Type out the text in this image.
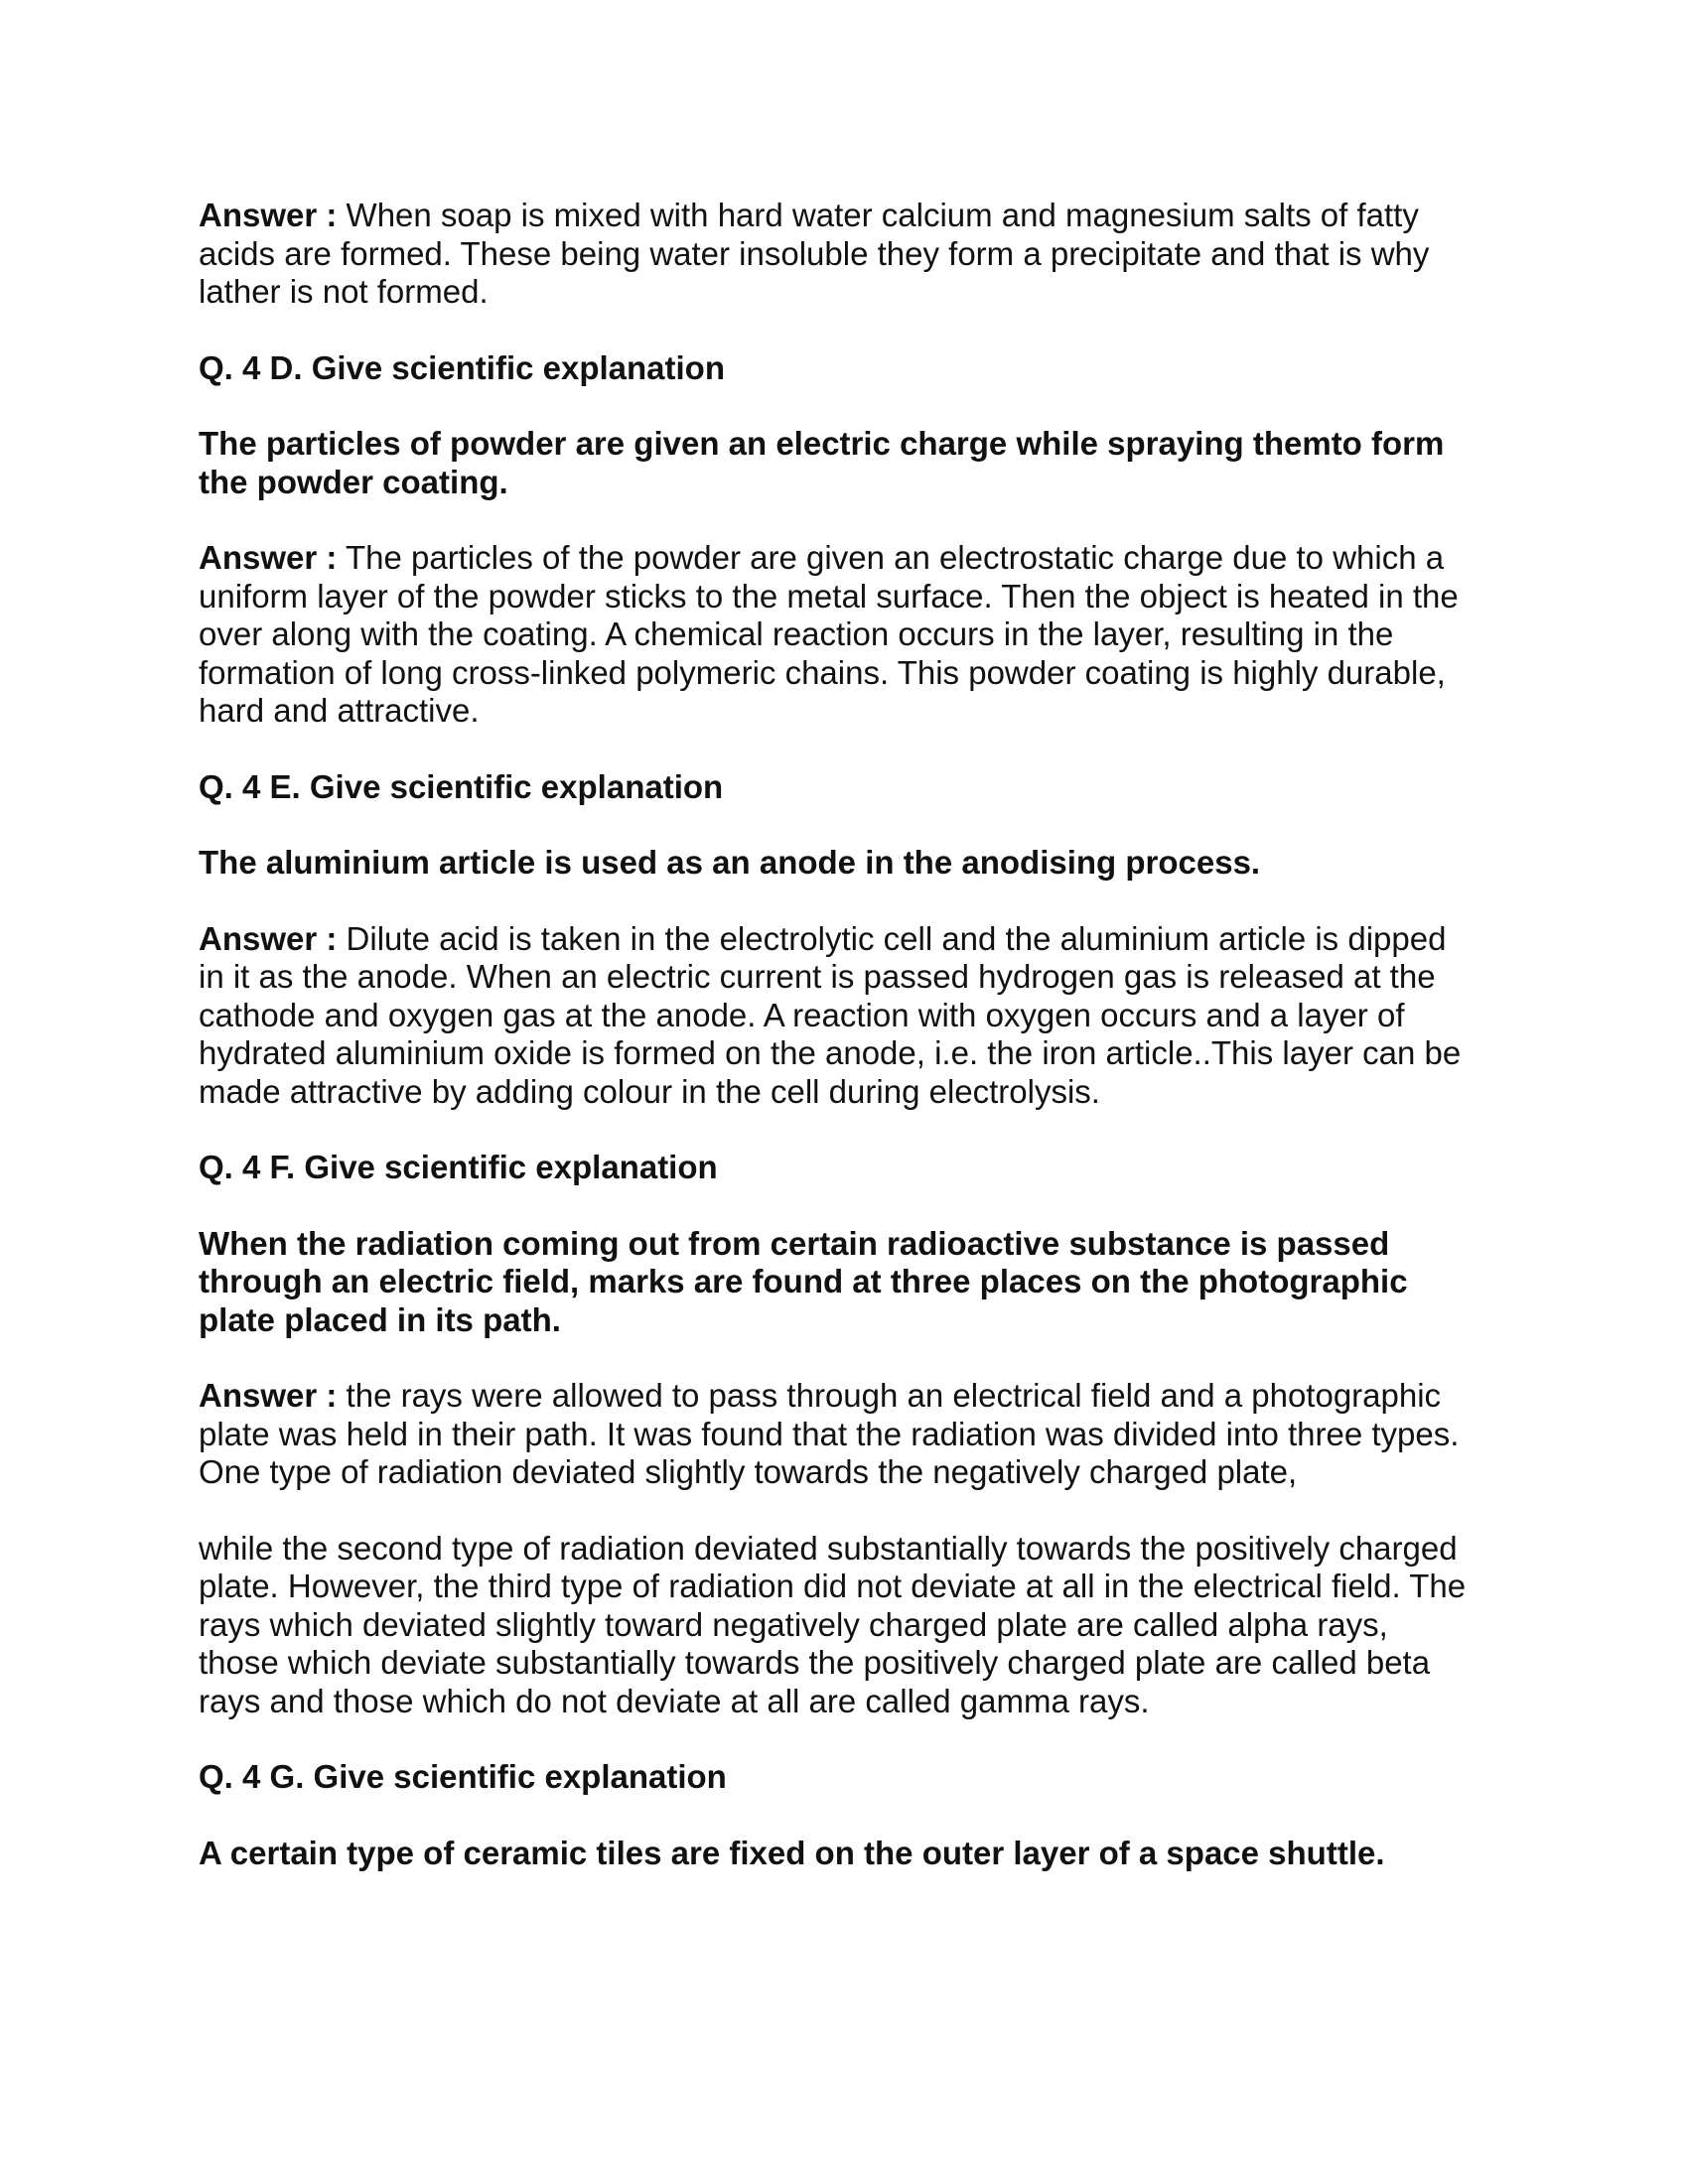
Answer : When soap is mixed with hard water calcium and magnesium salts of fatty
acids are formed. These being water insoluble they form a precipitate and that is why
lather is not formed.
Q. 4 D. Give scientific explanation
The particles of powder are given an electric charge while spraying themto form
the powder coating.
Answer : The particles of the powder are given an electrostatic charge due to which a
uniform layer of the powder sticks to the metal surface. Then the object is heated in the
over along with the coating. A chemical reaction occurs in the layer, resulting in the
formation of long cross-linked polymeric chains. This powder coating is highly durable,
hard and attractive.
Q. 4 E. Give scientific explanation
The aluminium article is used as an anode in the anodising process.
Answer : Dilute acid is taken in the electrolytic cell and the aluminium article is dipped
in it as the anode. When an electric current is passed hydrogen gas is released at the
cathode and oxygen gas at the anode. A reaction with oxygen occurs and a layer of
hydrated aluminium oxide is formed on the anode, i.e. the iron article..This layer can be
made attractive by adding colour in the cell during electrolysis.
Q. 4 F. Give scientific explanation
When the radiation coming out from certain radioactive substance is passed
through an electric field, marks are found at three places on the photographic
plate placed in its path.
Answer : the rays were allowed to pass through an electrical field and a photographic
plate was held in their path. It was found that the radiation was divided into three types.
One type of radiation deviated slightly towards the negatively charged plate,
while the second type of radiation deviated substantially towards the positively charged
plate. However, the third type of radiation did not deviate at all in the electrical field. The
rays which deviated slightly toward negatively charged plate are called alpha rays,
those which deviate substantially towards the positively charged plate are called beta
rays and those which do not deviate at all are called gamma rays.
Q. 4 G. Give scientific explanation
A certain type of ceramic tiles are fixed on the outer layer of a space shuttle.
